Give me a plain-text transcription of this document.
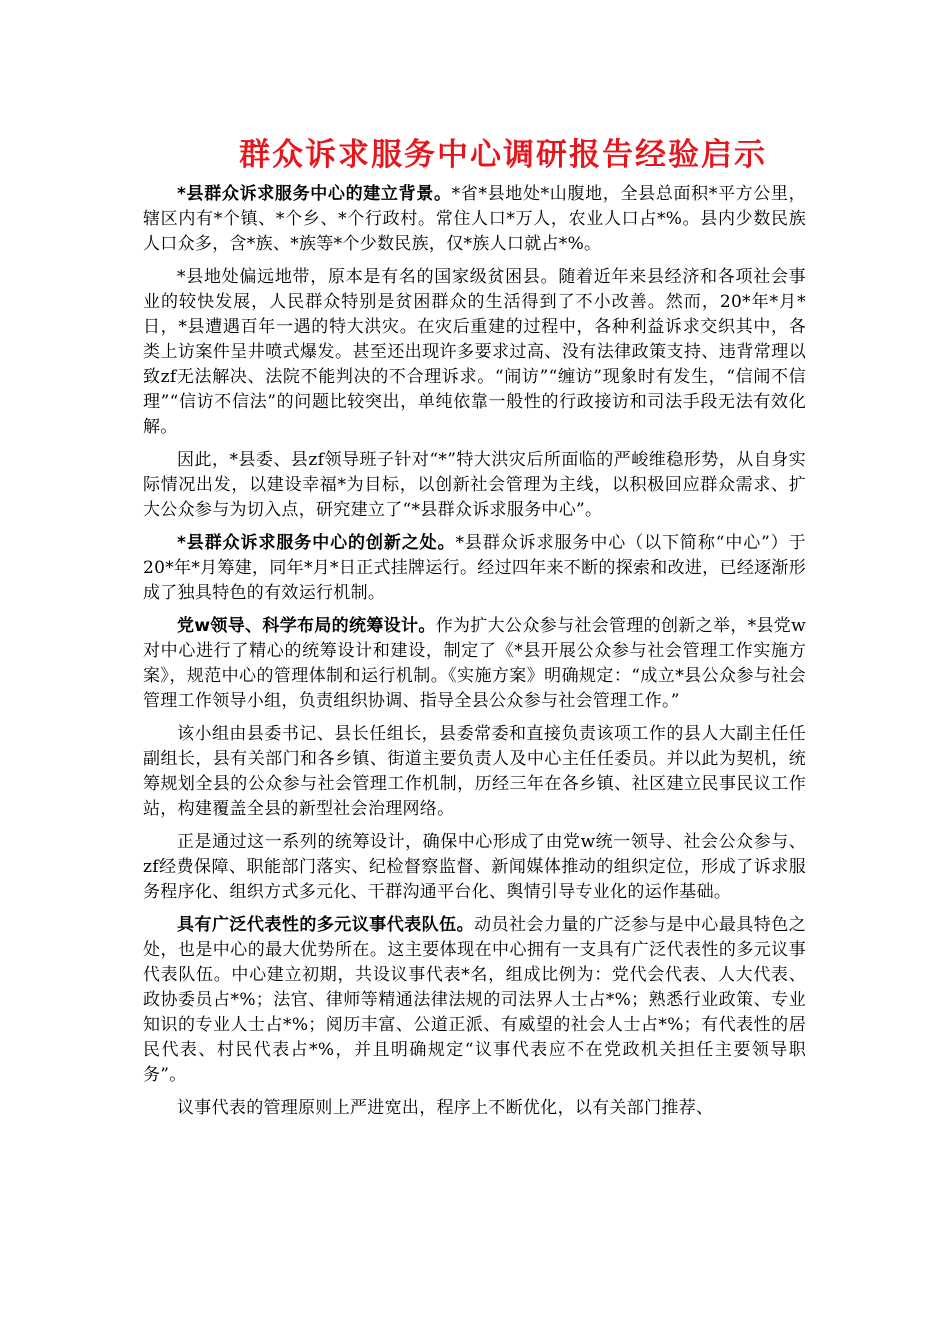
群众诉求服务中心调研报告经验启示

*县群众诉求服务中心的建立背景。*省*县地处*山腹地，全县总面积*平方公里，辖区内有*个镇、*个乡、*个行政村。常住人口*万人，农业人口占*%。县内少数民族人口众多，含*族、*族等*个少数民族，仅*族人口就占*%。

*县地处偏远地带，原本是有名的国家级贫困县。随着近年来县经济和各项社会事业的较快发展，人民群众特别是贫困群众的生活得到了不小改善。然而，20*年*月*日，*县遭遇百年一遇的特大洪灾。在灾后重建的过程中，各种利益诉求交织其中，各类上访案件呈井喷式爆发。甚至还出现许多要求过高、没有法律政策支持、违背常理以致zf无法解决、法院不能判决的不合理诉求。“闹访”“缠访”现象时有发生，“信闹不信理”“信访不信法”的问题比较突出，单纯依靠一般性的行政接访和司法手段无法有效化解。

因此，*县委、县zf领导班子针对“*”特大洪灾后所面临的严峻维稳形势，从自身实际情况出发，以建设幸福*为目标，以创新社会管理为主线，以积极回应群众需求、扩大公众参与为切入点，研究建立了“*县群众诉求服务中心”。

*县群众诉求服务中心的创新之处。*县群众诉求服务中心（以下简称“中心”）于20*年*月筹建，同年*月*日正式挂牌运行。经过四年来不断的探索和改进，已经逐渐形成了独具特色的有效运行机制。

党w领导、科学布局的统筹设计。作为扩大公众参与社会管理的创新之举，*县党w对中心进行了精心的统筹设计和建设，制定了《*县开展公众参与社会管理工作实施方案》，规范中心的管理体制和运行机制。《实施方案》明确规定：“成立*县公众参与社会管理工作领导小组，负责组织协调、指导全县公众参与社会管理工作。”

该小组由县委书记、县长任组长，县委常委和直接负责该项工作的县人大副主任任副组长，县有关部门和各乡镇、街道主要负责人及中心主任任委员。并以此为契机，统筹规划全县的公众参与社会管理工作机制，历经三年在各乡镇、社区建立民事民议工作站，构建覆盖全县的新型社会治理网络。

正是通过这一系列的统筹设计，确保中心形成了由党w统一领导、社会公众参与、zf经费保障、职能部门落实、纪检督察监督、新闻媒体推动的组织定位，形成了诉求服务程序化、组织方式多元化、干群沟通平台化、舆情引导专业化的运作基础。

具有广泛代表性的多元议事代表队伍。动员社会力量的广泛参与是中心最具特色之处，也是中心的最大优势所在。这主要体现在中心拥有一支具有广泛代表性的多元议事代表队伍。中心建立初期，共设议事代表*名，组成比例为：党代会代表、人大代表、政协委员占*%；法官、律师等精通法律法规的司法界人士占*%；熟悉行业政策、专业知识的专业人士占*%；阅历丰富、公道正派、有威望的社会人士占*%；有代表性的居民代表、村民代表占*%，并且明确规定“议事代表应不在党政机关担任主要领导职务”。

议事代表的管理原则上严进宽出，程序上不断优化，以有关部门推荐、
